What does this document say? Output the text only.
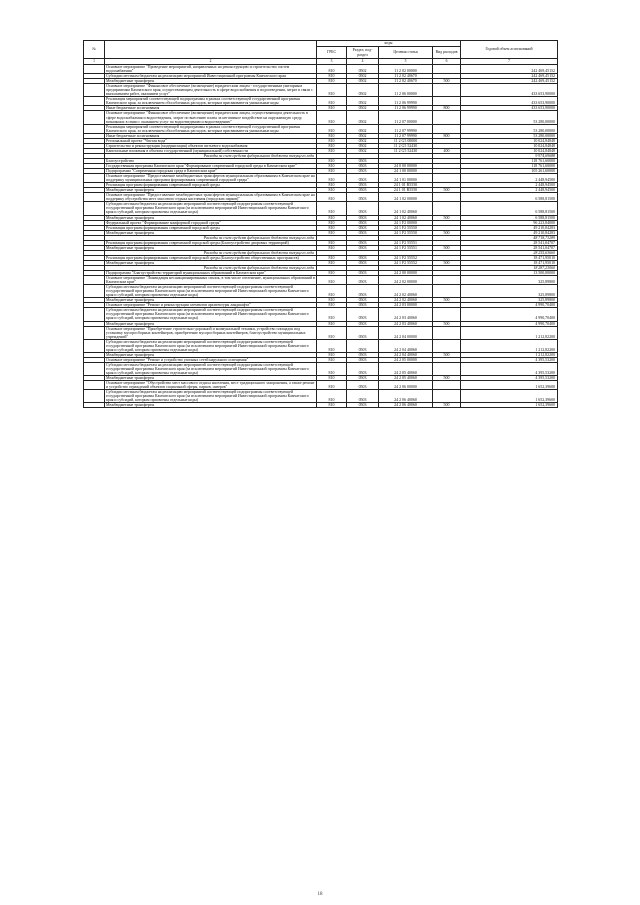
№		коды				Годовой объем ассигнований
		ГРБС	Раздел, под- раздел	Целевая статья	Вид расходов	
1	2	3	4	5	6	7
	Основное мероприятие "Проведение мероприятий, направленных на реконструкцию и строительство систем водоснабжения"	810	0502	11 2 02 00000		242 469,45152
	Субсидии местным бюджетам на реализацию мероприятий Инвестиционной программы Камчатского края	810	0502	11 2 02 40670		242 469,45152
	Межбюджетные трансферты	810	0502	11 2 02 40670	500	242 469,45152
	Основное мероприятие "Финансовое обеспечение (возмещение) юридическим лицам - государственным унитарным предприятиям Камчатского края, осуществляющим деятельность в сфере водоснабжения и водоотведения, затрат в связи с выполнением работ, оказанием услуг"	810	0502	11 2 06 00000		433 653,90000
	Реализация мероприятий соответствующей подпрограммы в рамках соответствующей государственной программы Камчатского края, за исключением обособленных расходов, которым присваиваются уникальные коды	810	0502	11 2 06 99990		433 653,90000
	Иные бюджетные ассигнования	810	0502	11 2 06 99990	800	433 653,90000
	Основное мероприятие "Финансовое обеспечение (возмещение) юридическим лицам, осуществляющим деятельность в сфере водоснабжения и водоотведения, затрат по внесению платы за негативное воздействие на окружающую среду, возникших в связи с оказанием услуг по водоотведению и водоотведению"	810	0502	11 2 07 00000		53 280,00000
	Реализация мероприятий соответствующей подпрограммы в рамках соответствующей государственной программы Камчатского края, за исключением обособленных расходов, которым присваиваются уникальные коды	810	0502	11 2 07 99990		53 280,00000
	Иные бюджетные ассигнования	810	0502	11 2 07 99990	800	53 280,00000
	Региональный проект "Чистая вода"	810	0502	11 2 G5 00000		10 024,84848
	Строительство и реконструкция (модернизация) объектов питьевого водоснабжения	810	0502	11 2 G5 52430		10 024,84848
	Капитальные вложения в объекты государственной (муниципальной) собственности	810	0502	11 2 G5 52430	400	10 024,84848
	Расходы за счет средств федерального бюджета текущего года					9 974,69688
	Благоустройство	810	0503			118 761,60000
	Государственная программа Камчатского края "Формирование современной городской среды в Камчатском крае"	810	0503	24 0 00 00000		118 761,60000
	Подпрограмма "Современная городская среда в Камчатском крае"	810	0503	24 1 00 00000		105 261,60000
	Основное мероприятие "Предоставление межбюджетных трансфертов муниципальным образованиям в Камчатском крае на поддержку муниципальных программ формирования современной городской среды"	810	0503	24 1 01 00000		2 448,94500
	Реализация программ формирования современной городской среды	810	0503	24 1 01 R5550		2 448,94500
	Межбюджетные трансферты	810	0503	24 1 01 R5550	500	2 448,94500
	Основное мероприятие "Предоставление межбюджетных трансфертов муниципальным образованиям в Камчатском крае на поддержку обустройства мест массового отдыха населения (городских парков)"	810	0503	24 1 02 00000		6 588,81500
	Субсидии местным бюджетам на реализацию мероприятий соответствующей подпрограммы соответствующей государственной программы Камчатского края (за исключением мероприятий Инвестиционной программы Камчатского края и субсидий, которым присвоены отдельные коды)	810	0503	24 1 02 40060		6 588,81500
	Межбюджетные трансферты	810	0503	24 1 02 40060	500	6 588,81500
	Федеральный проект "Формирование комфортной городской среды"	810	0503	24 1 F2 00000		96 223,84000
	Реализация программ формирования современной городской среды	810	0503	24 1 F2 55550		49 210,84283
	Межбюджетные трансферты	810	0503	24 1 F2 55550	500	49 210,84283
	Расходы за счет средств федерального бюджета текущего года					48 718,73289
	Реализация программ формирования современной городской среды (Благоустройство дворовых территорий)	810	0503	24 1 F2 55551		28 541,04707
	Межбюджетные трансферты	810	0503	24 1 F2 55551	500	28 541,04707
	Расходы за счет средств федерального бюджета текущего года					28 255,63660
	Реализация программ формирования современной городской среды (Благоустройство общественных пространств)	810	0503	24 1 F2 55552		18 471,95010
	Межбюджетные трансферты	810	0503	24 1 F2 55552	500	18 471,95010
	Расходы за счет средств федерального бюджета текущего года					18 287,23060
	Подпрограмма "Благоустройство территорий муниципальных образований в Камчатском крае"	810	0503	24 2 00 00000		13 500,00000
	Основное мероприятие "Ликвидация несанкционированных свалок, в том числе озеленение, муниципальных образований в Камчатском крае"	810	0503	24 2 02 00000		325,89800
	Субсидии местным бюджетам на реализацию мероприятий соответствующей подпрограммы соответствующей государственной программы Камчатского края (за исключением мероприятий Инвестиционной программы Камчатского края и субсидий, которым присвоены отдельные коды)	810	0503	24 2 02 40060		325,89800
	Межбюджетные трансферты	810	0503	24 2 02 40060	500	325,89800
	Основное мероприятие "Ремонт и реконструкция элементов архитектуры ландшафта"	810	0503	24 2 03 00000		4 990,70400
	Субсидии местным бюджетам на реализацию мероприятий соответствующей подпрограммы соответствующей государственной программы Камчатского края (за исключением мероприятий Инвестиционной программы Камчатского края и субсидий, которым присвоены отдельные коды)	810	0503	24 2 03 40060		4 990,70400
	Межбюджетные трансферты	810	0503	24 2 03 40060	500	4 990,70400
	Основное мероприятие "Приобретение строительно-дорожной и коммунальной техники, устройство площадок под установку мусоросборных контейнеров, приобретение мусоросборных контейнеров, благоустройство муниципальных учреждений"	810	0503	24 2 04 00000		1 212,82200
	Субсидии местным бюджетам на реализацию мероприятий соответствующей подпрограммы соответствующей государственной программы Камчатского края (за исключением мероприятий Инвестиционной программы Камчатского края и субсидий, которым присвоены отдельные коды)	810	0503	24 2 04 40060		1 212,82200
	Межбюджетные трансферты	810	0503	24 2 04 40060	500	1 212,82200
	Основное мероприятие "Ремонт и устройство уличных сетей наружного освещения"	810	0503	24 2 05 00000		4 395,53200
	Субсидии местным бюджетам на реализацию мероприятий соответствующей подпрограммы соответствующей государственной программы Камчатского края (за исключением мероприятий Инвестиционной программы Камчатского края и субсидий, которым присвоены отдельные коды)	810	0503	24 2 05 40060		4 395,53200
	Межбюджетные трансферты	810	0503	24 2 05 40060	500	4 395,53200
	Основное мероприятие "Обустройство мест массового отдыха населения, мест традиционного захоронения, а также ремонт и устройство ограждений объектов социальной сферы, парков, скверов"	810	0503	24 2 06 00000		1 652,39600
	Субсидии местным бюджетам на реализацию мероприятий соответствующей подпрограммы соответствующей государственной программы Камчатского края (за исключением мероприятий Инвестиционной программы Камчатского края и субсидий, которым присвоены отдельные коды)	810	0503	24 2 06 40060		1 652,39600
	Межбюджетные трансферты	810	0503	24 2 06 40060	500	1 652,39600
18
